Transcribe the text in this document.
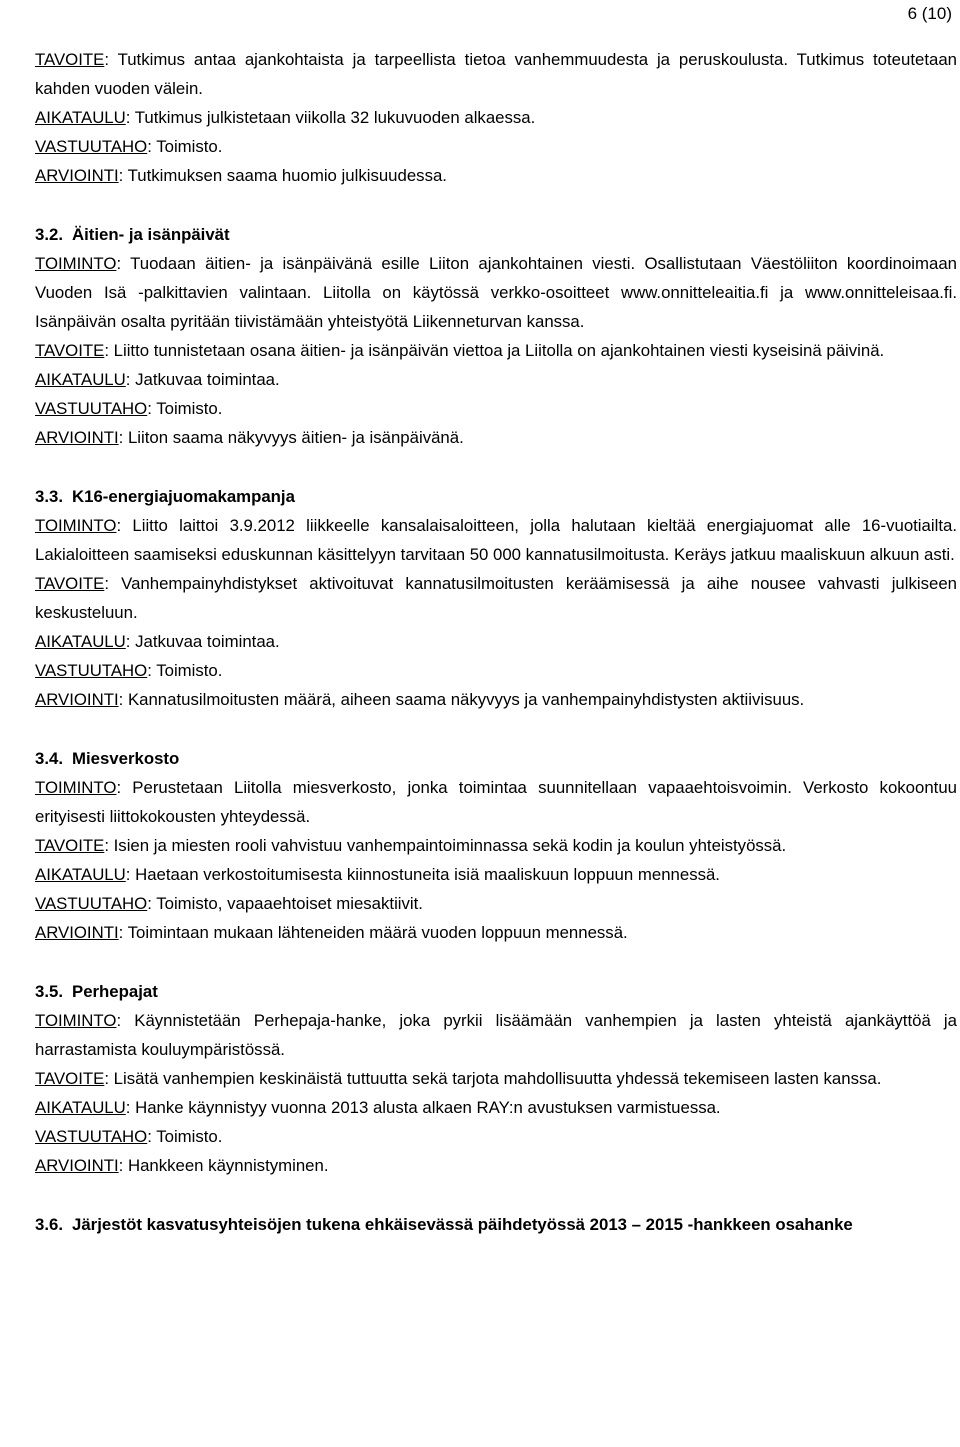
6 (10)

TAVOITE: Tutkimus antaa ajankohtaista ja tarpeellista tietoa vanhemmuudesta ja peruskoulusta. Tutkimus toteutetaan kahden vuoden välein.

AIKATAULU: Tutkimus julkistetaan viikolla 32 lukuvuoden alkaessa.

VASTUUTAHO: Toimisto.

ARVIOINTI: Tutkimuksen saama huomio julkisuudessa.

3.2. Äitien- ja isänpäivät

TOIMINTO: Tuodaan äitien- ja isänpäivänä esille Liiton ajankohtainen viesti. Osallistutaan Väestöliiton koordinoimaan Vuoden Isä -palkittavien valintaan. Liitolla on käytössä verkko-osoitteet www.onnitteleaitia.fi ja www.onnitteleisaa.fi. Isänpäivän osalta pyritään tiivistämään yhteistyötä Liikenneturvan kanssa.

TAVOITE: Liitto tunnistetaan osana äitien- ja isänpäivän viettoa ja Liitolla on ajankohtainen viesti kyseisinä päivinä.

AIKATAULU: Jatkuvaa toimintaa.

VASTUUTAHO: Toimisto.

ARVIOINTI: Liiton saama näkyvyys äitien- ja isänpäivänä.

3.3. K16-energiajuomakampanja

TOIMINTO: Liitto laittoi 3.9.2012 liikkeelle kansalaisaloitteen, jolla halutaan kieltää energiajuomat alle 16-vuotiailta. Lakialoitteen saamiseksi eduskunnan käsittelyyn tarvitaan 50 000 kannatusilmoitusta. Keräys jatkuu maaliskuun alkuun asti.

TAVOITE: Vanhempainyhdistykset aktivoituvat kannatusilmoitusten keräämisessä ja aihe nousee vahvasti julkiseen keskusteluun.

AIKATAULU: Jatkuvaa toimintaa.

VASTUUTAHO: Toimisto.

ARVIOINTI: Kannatusilmoitusten määrä, aiheen saama näkyvyys ja vanhempainyhdistysten aktiivisuus.

3.4. Miesverkosto

TOIMINTO: Perustetaan Liitolla miesverkosto, jonka toimintaa suunnitellaan vapaaehtoisvoimin. Verkosto kokoontuu erityisesti liittokokousten yhteydessä.

TAVOITE: Isien ja miesten rooli vahvistuu vanhempaintoiminnassa sekä kodin ja koulun yhteistyössä.

AIKATAULU: Haetaan verkostoitumisesta kiinnostuneita isiä maaliskuun loppuun mennessä.

VASTUUTAHO: Toimisto, vapaaehtoiset miesaktiivit.

ARVIOINTI: Toimintaan mukaan lähteneiden määrä vuoden loppuun mennessä.

3.5. Perhepajat

TOIMINTO: Käynnistetään Perhepaja-hanke, joka pyrkii lisäämään vanhempien ja lasten yhteistä ajankäyttöä ja harrastamista kouluympäristössä.

TAVOITE: Lisätä vanhempien keskinäistä tuttuutta sekä tarjota mahdollisuutta yhdessä tekemiseen lasten kanssa.

AIKATAULU: Hanke käynnistyy vuonna 2013 alusta alkaen RAY:n avustuksen varmistuessa.

VASTUUTAHO: Toimisto.

ARVIOINTI: Hankkeen käynnistyminen.

3.6. Järjestöt kasvatusyhteisöjen tukena ehkäisevässä päihdetyössä 2013 – 2015 -hankkeen osahanke
